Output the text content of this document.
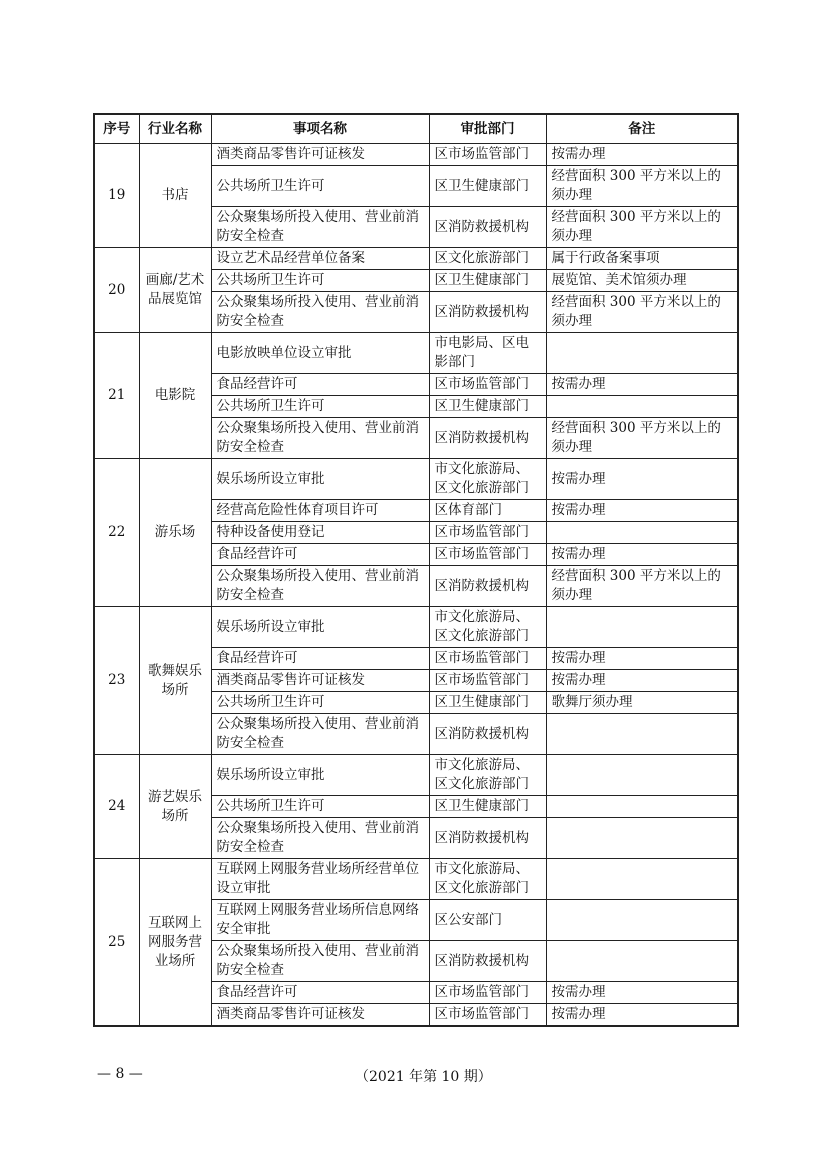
序号	行业名称	事项名称	审批部门	备注
19	书店	酒类商品零售许可证核发	区市场监管部门	按需办理
		公共场所卫生许可	区卫生健康部门	经营面积 300 平方米以上的须办理
		公众聚集场所投入使用、营业前消防安全检查	区消防救援机构	经营面积 300 平方米以上的须办理
20	画廊/艺术品展览馆	设立艺术品经营单位备案	区文化旅游部门	属于行政备案事项
		公共场所卫生许可	区卫生健康部门	展览馆、美术馆须办理
		公众聚集场所投入使用、营业前消防安全检查	区消防救援机构	经营面积 300 平方米以上的须办理
21	电影院	电影放映单位设立审批	市电影局、区电影部门	
		食品经营许可	区市场监管部门	按需办理
		公共场所卫生许可	区卫生健康部门	
		公众聚集场所投入使用、营业前消防安全检查	区消防救援机构	经营面积 300 平方米以上的须办理
22	游乐场	娱乐场所设立审批	市文化旅游局、区文化旅游部门	按需办理
		经营高危险性体育项目许可	区体育部门	按需办理
		特种设备使用登记	区市场监管部门	
		食品经营许可	区市场监管部门	按需办理
		公众聚集场所投入使用、营业前消防安全检查	区消防救援机构	经营面积 300 平方米以上的须办理
23	歌舞娱乐场所	娱乐场所设立审批	市文化旅游局、区文化旅游部门	
		食品经营许可	区市场监管部门	按需办理
		酒类商品零售许可证核发	区市场监管部门	按需办理
		公共场所卫生许可	区卫生健康部门	歌舞厅须办理
		公众聚集场所投入使用、营业前消防安全检查	区消防救援机构	
24	游艺娱乐场所	娱乐场所设立审批	市文化旅游局、区文化旅游部门	
		公共场所卫生许可	区卫生健康部门	
		公众聚集场所投入使用、营业前消防安全检查	区消防救援机构	
25	互联网上网服务营业场所	互联网上网服务营业场所经营单位设立审批	市文化旅游局、区文化旅游部门	
		互联网上网服务营业场所信息网络安全审批	区公安部门	
		公众聚集场所投入使用、营业前消防安全检查	区消防救援机构	
		食品经营许可	区市场监管部门	按需办理
		酒类商品零售许可证核发	区市场监管部门	按需办理
— 8 —	（2021 年第 10 期）
